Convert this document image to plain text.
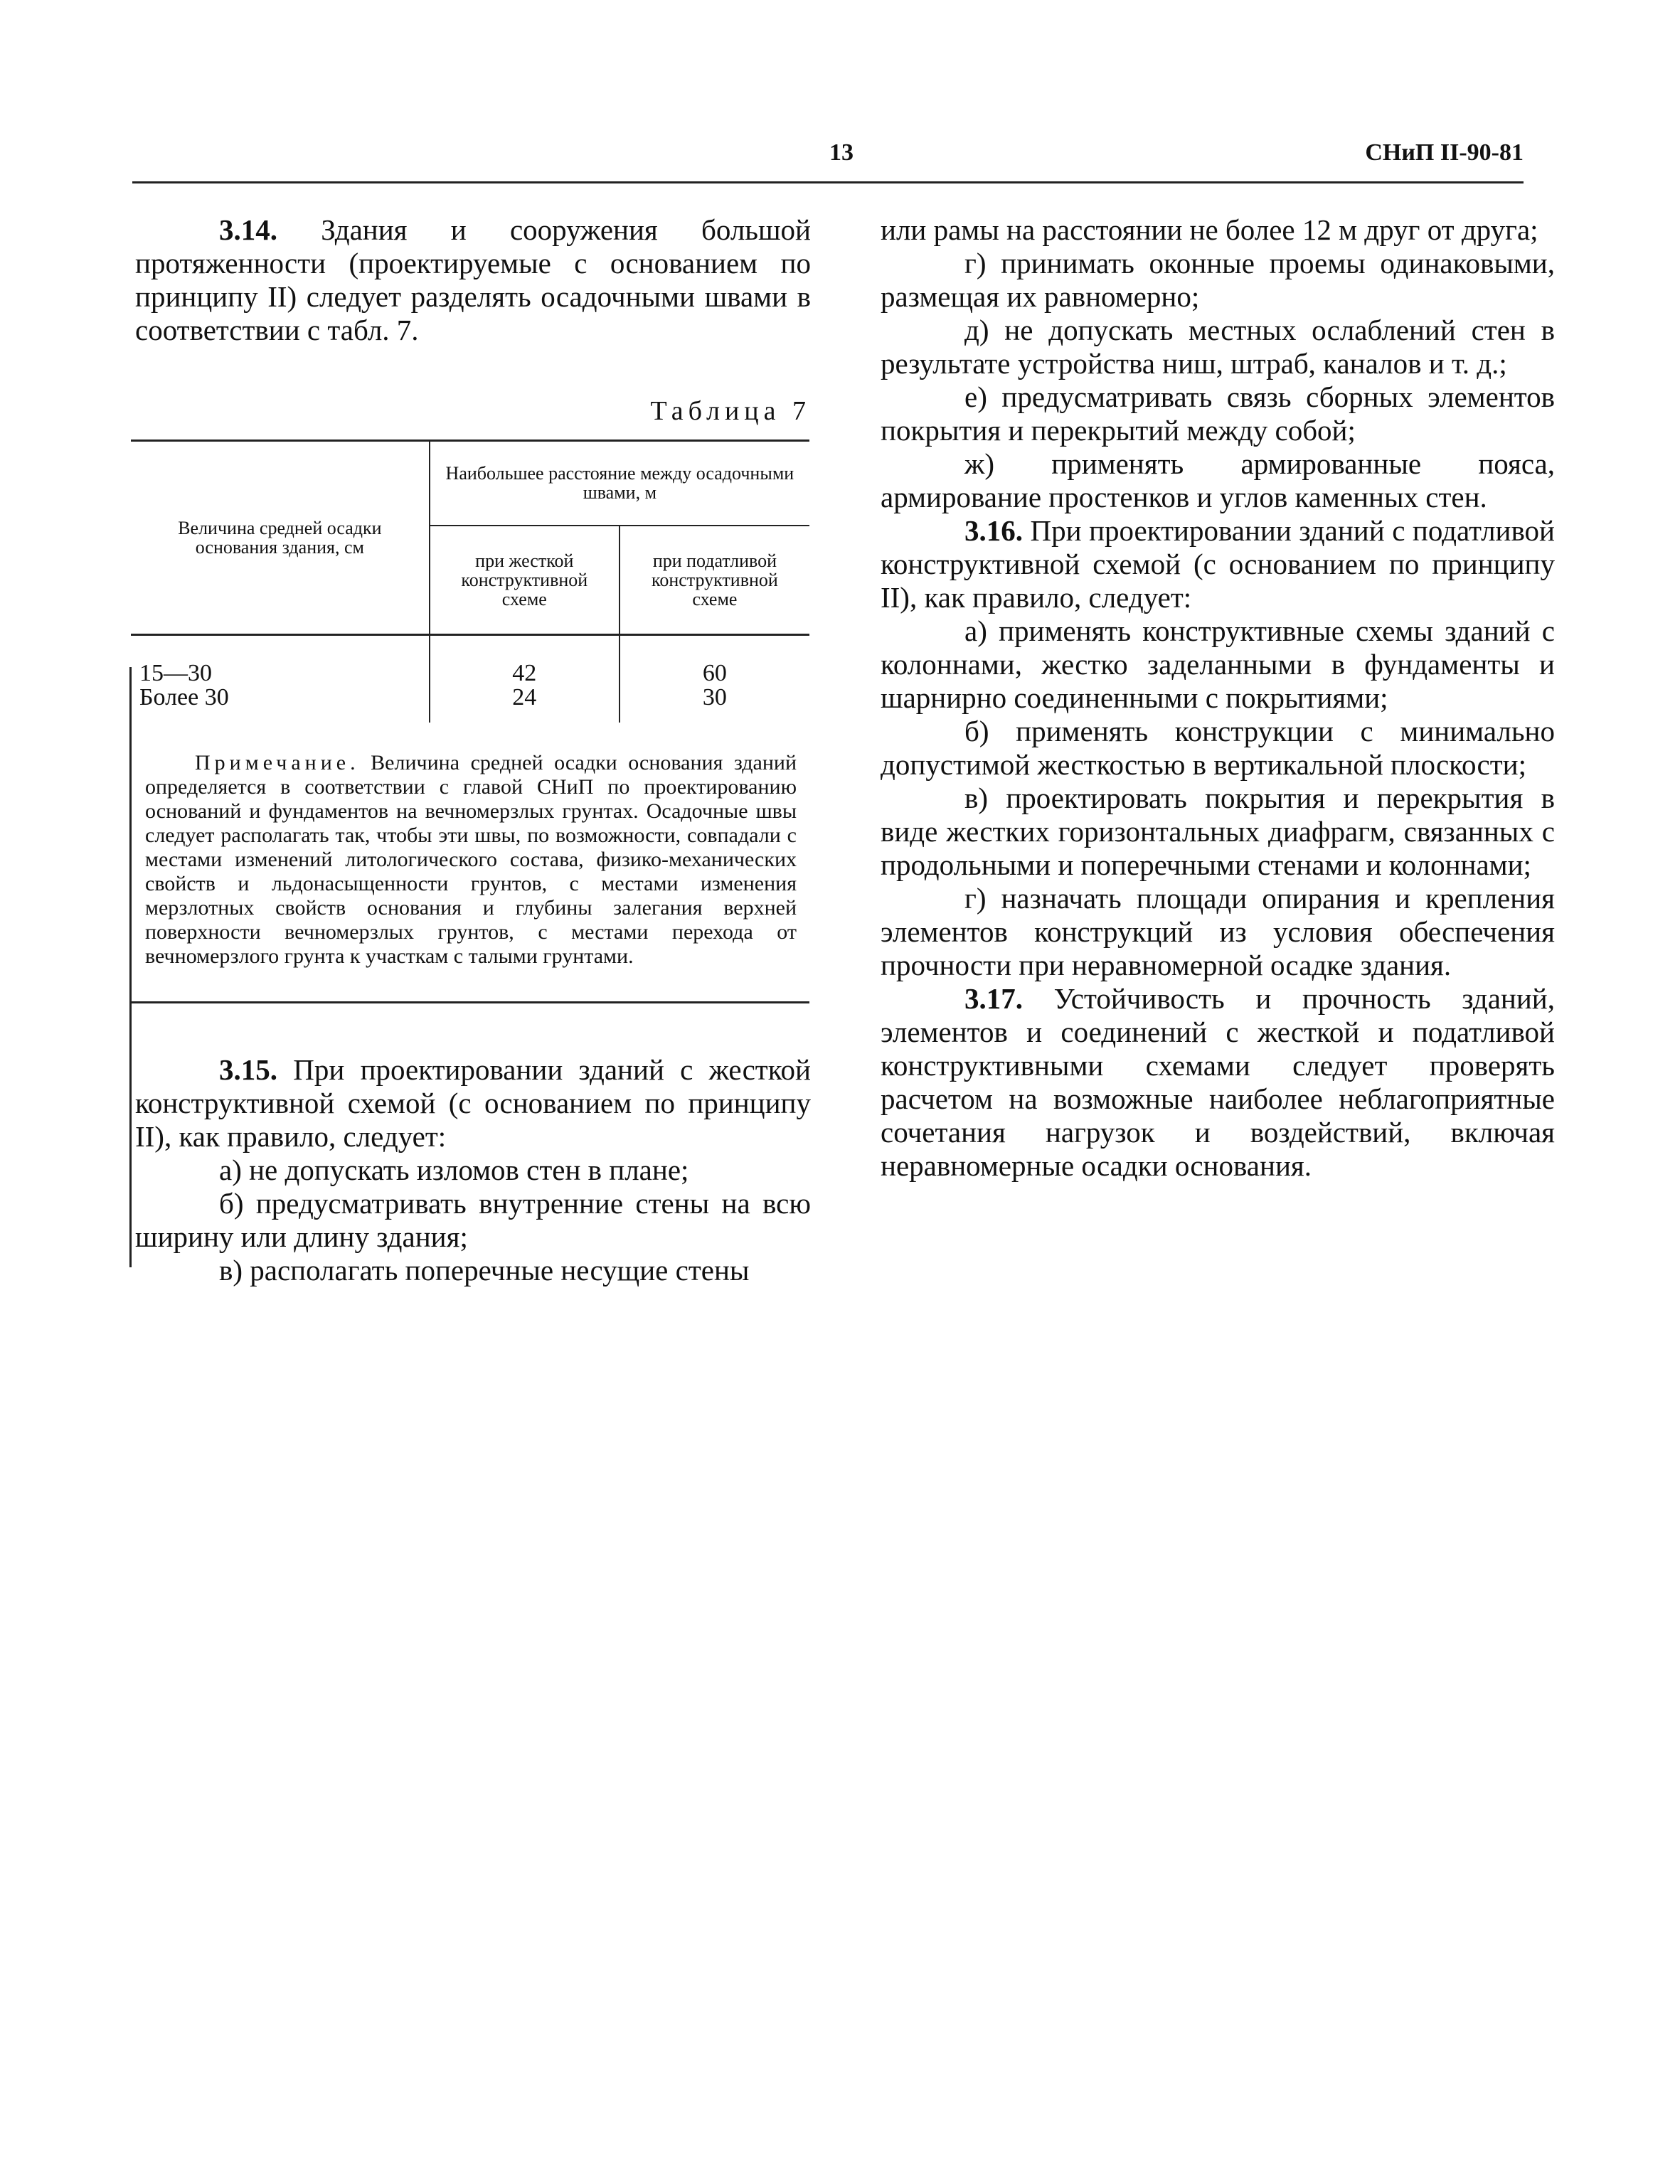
13	СНиП II-90-81

3.14. Здания и сооружения большой протяженности (проектируемые с основанием по принципу II) следует разделять осадочными швами в соответствии с табл. 7.

Таблица 7
Величина средней осадки основания здания, см	Наибольшее расстояние между осадочными швами, м	
	при жесткой конструктивной схеме	при податливой конструктивной схеме
15—30	42	60
Более 30	24	30
Примечание. Величина средней осадки основания зданий определяется в соответствии с главой СНиП по проектированию оснований и фундаментов на вечномерзлых грунтах. Осадочные швы следует располагать так, чтобы эти швы, по возможности, совпадали с местами изменений литологического состава, физико-механических свойств и льдонасыщенности грунтов, с местами изменения мерзлотных свойств основания и глубины залегания верхней поверхности вечномерзлых грунтов, с местами перехода от вечномерзлого грунта к участкам с талыми грунтами.		

3.15. При проектировании зданий с жесткой конструктивной схемой (с основанием по принципу II), как правило, следует:

а) не допускать изломов стен в плане;

б) предусматривать внутренние стены на всю ширину или длину здания;

в) располагать поперечные несущие стены

или рамы на расстоянии не более 12 м друг от друга;

г) принимать оконные проемы одинаковыми, размещая их равномерно;

д) не допускать местных ослаблений стен в результате устройства ниш, штраб, каналов и т. д.;

е) предусматривать связь сборных элементов покрытия и перекрытий между собой;

ж) применять армированные пояса, армирование простенков и углов каменных стен.

3.16. При проектировании зданий с податливой конструктивной схемой (с основанием по принципу II), как правило, следует:

а) применять конструктивные схемы зданий с колоннами, жестко заделанными в фундаменты и шарнирно соединенными с покрытиями;

б) применять конструкции с минимально допустимой жесткостью в вертикальной плоскости;

в) проектировать покрытия и перекрытия в виде жестких горизонтальных диафрагм, связанных с продольными и поперечными стенами и колоннами;

г) назначать площади опирания и крепления элементов конструкций из условия обеспечения прочности при неравномерной осадке здания.

3.17. Устойчивость и прочность зданий, элементов и соединений с жесткой и податливой конструктивными схемами следует проверять расчетом на возможные наиболее неблагоприятные сочетания нагрузок и воздействий, включая неравномерные осадки основания.
